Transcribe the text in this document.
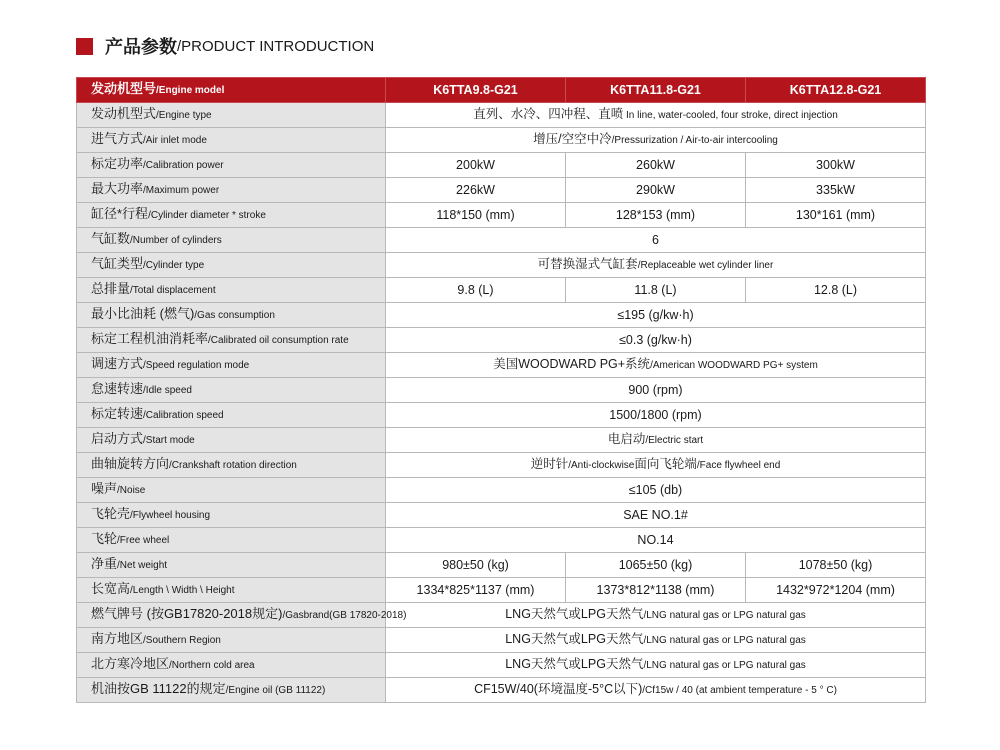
产品参数 /PRODUCT INTRODUCTION
发动机型号/Engine model	K6TTA9.8-G21	K6TTA11.8-G21	K6TTA12.8-G21
发动机型式/Engine type	直列、水冷、四冲程、直喷 In line, water-cooled, four stroke, direct injection		
进气方式/Air inlet mode	增压/空空中冷/Pressurization / Air-to-air intercooling		
标定功率/Calibration power	200kW	260kW	300kW
最大功率/Maximum power	226kW	290kW	335kW
缸径*行程/Cylinder diameter * stroke	118*150 (mm)	128*153 (mm)	130*161 (mm)
气缸数/Number of cylinders	6		
气缸类型/Cylinder type	可替换湿式气缸套/Replaceable wet cylinder liner		
总排量/Total displacement	9.8 (L)	11.8 (L)	12.8 (L)
最小比油耗 (燃气)/Gas consumption	≤195 (g/kw·h)		
标定工程机油消耗率/Calibrated oil consumption rate	≤0.3 (g/kw·h)		
调速方式/Speed regulation mode	美国WOODWARD PG+系统/American WOODWARD PG+ system		
怠速转速/Idle speed	900 (rpm)		
标定转速/Calibration speed	1500/1800 (rpm)		
启动方式/Start mode	电启动/Electric start		
曲轴旋转方向/Crankshaft rotation direction	逆时针/Anti-clockwise面向飞轮端/Face flywheel end		
噪声/Noise	≤105 (db)		
飞轮壳/Flywheel housing	SAE NO.1#		
飞轮/Free wheel	NO.14		
净重/Net weight	980±50 (kg)	1065±50 (kg)	1078±50 (kg)
长宽高/Length \ Width \ Height	1334*825*1137 (mm)	1373*812*1138 (mm)	1432*972*1204 (mm)
燃气牌号 (按GB17820-2018规定)/Gasbrand(GB 17820-2018)	LNG天然气或LPG天然气/LNG natural gas or LPG natural gas		
南方地区/Southern Region	LNG天然气或LPG天然气/LNG natural gas or LPG natural gas		
北方寒冷地区/Northern cold area	LNG天然气或LPG天然气/LNG natural gas or LPG natural gas		
机油按GB 11122的规定/Engine oil (GB 11122)	CF15W/40(环境温度-5°C以下)/Cf15w / 40 (at ambient temperature - 5 ° C)		
